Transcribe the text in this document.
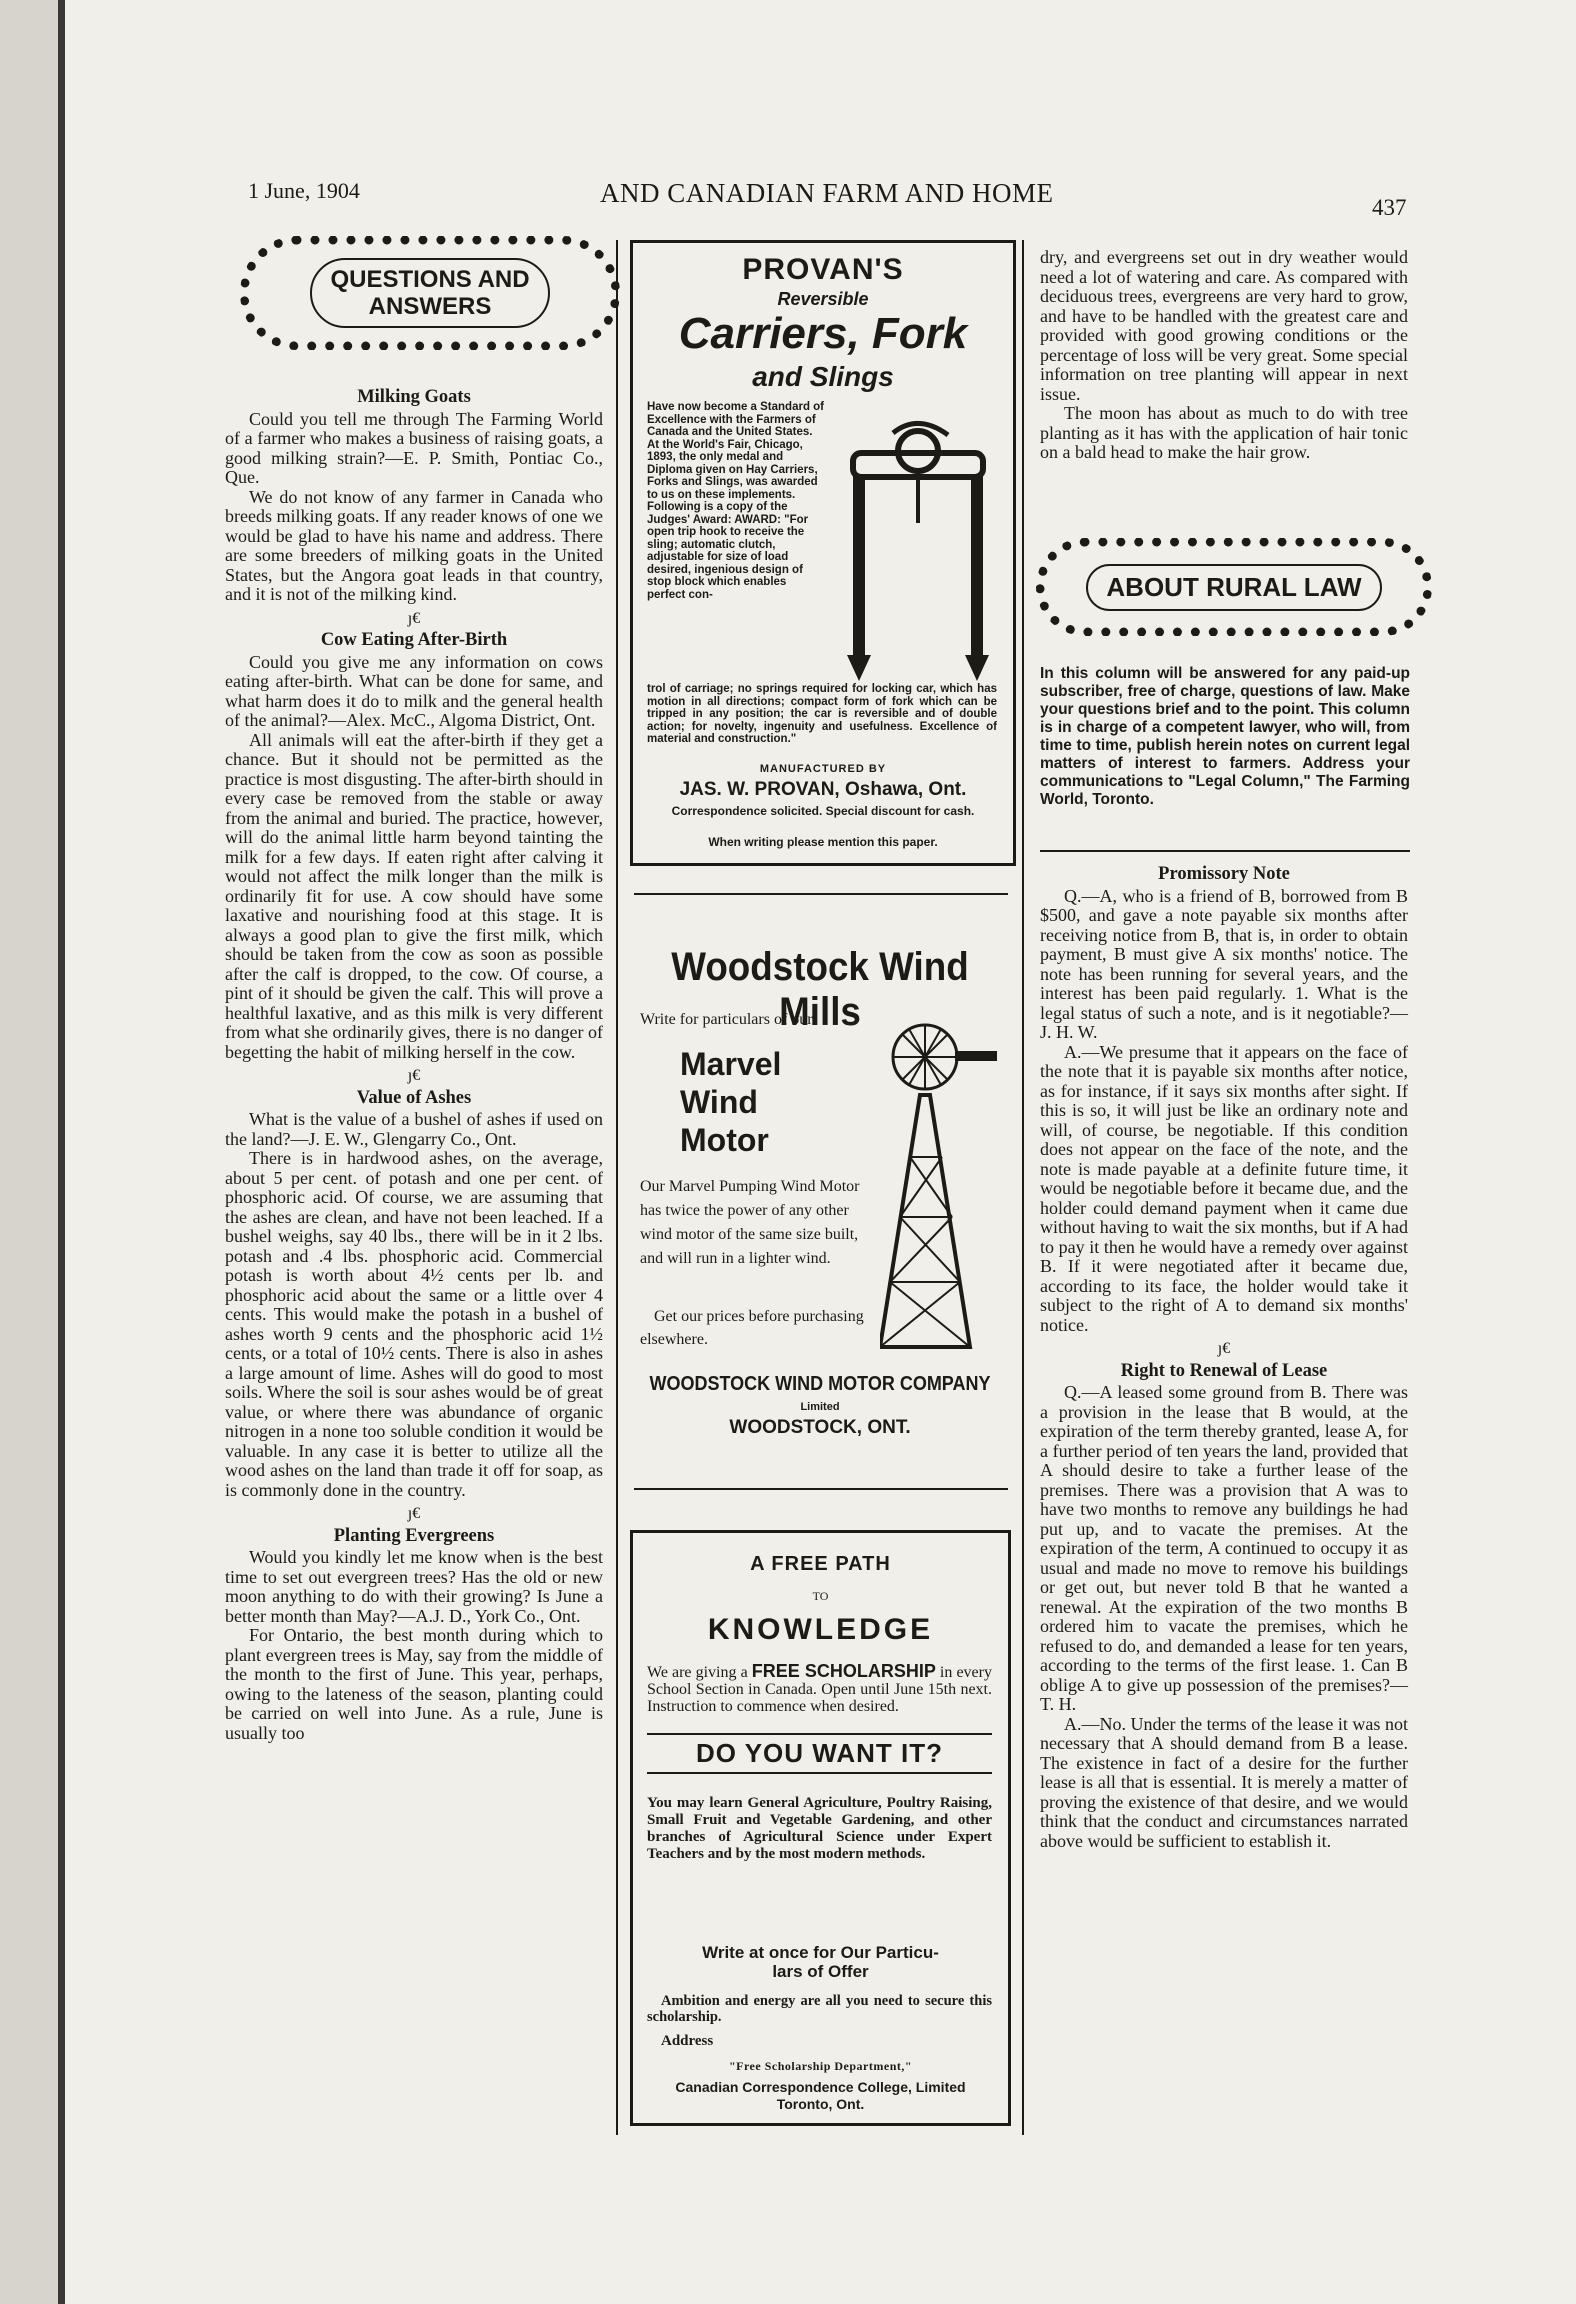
1 June, 1904	AND CANADIAN FARM AND HOME	437
QUESTIONS AND
ANSWERS
Milking Goats

Could you tell me through The Farming World of a farmer who makes a business of raising goats, a good milking strain?—E. P. Smith, Pontiac Co., Que.

We do not know of any farmer in Canada who breeds milking goats. If any reader knows of one we would be glad to have his name and address. There are some breeders of milking goats in the United States, but the Angora goat leads in that country, and it is not of the milking kind.

ȷ€
Cow Eating After-Birth

Could you give me any information on cows eating after-birth. What can be done for same, and what harm does it do to milk and the general health of the animal?—Alex. McC., Algoma District, Ont.

All animals will eat the after-birth if they get a chance. But it should not be permitted as the practice is most disgusting. The after-birth should in every case be removed from the stable or away from the animal and buried. The practice, however, will do the animal little harm beyond tainting the milk for a few days. If eaten right after calving it would not affect the milk longer than the milk is ordinarily fit for use. A cow should have some laxative and nourishing food at this stage. It is always a good plan to give the first milk, which should be taken from the cow as soon as possible after the calf is dropped, to the cow. Of course, a pint of it should be given the calf. This will prove a healthful laxative, and as this milk is very different from what she ordinarily gives, there is no danger of begetting the habit of milking herself in the cow.

ȷ€
Value of Ashes

What is the value of a bushel of ashes if used on the land?—J. E. W., Glengarry Co., Ont.

There is in hardwood ashes, on the average, about 5 per cent. of potash and one per cent. of phosphoric acid. Of course, we are assuming that the ashes are clean, and have not been leached. If a bushel weighs, say 40 lbs., there will be in it 2 lbs. potash and .4 lbs. phosphoric acid. Commercial potash is worth about 4½ cents per lb. and phosphoric acid about the same or a little over 4 cents. This would make the potash in a bushel of ashes worth 9 cents and the phosphoric acid 1½ cents, or a total of 10½ cents. There is also in ashes a large amount of lime. Ashes will do good to most soils. Where the soil is sour ashes would be of great value, or where there was abundance of organic nitrogen in a none too soluble condition it would be valuable. In any case it is better to utilize all the wood ashes on the land than trade it off for soap, as is commonly done in the country.

ȷ€
Planting Evergreens

Would you kindly let me know when is the best time to set out evergreen trees? Has the old or new moon anything to do with their growing? Is June a better month than May?—A.J. D., York Co., Ont.

For Ontario, the best month during which to plant evergreen trees is May, say from the middle of the month to the first of June. This year, perhaps, owing to the lateness of the season, planting could be carried on well into June. As a rule, June is usually too

PROVAN'S
Reversible
Carriers, Fork
and Slings
Have now become a Standard of Excellence with the Farmers of Canada and the United States. At the World's Fair, Chicago, 1893, the only medal and Diploma given on Hay Carriers, Forks and Slings, was awarded to us on these implements. Following is a copy of the Judges' Award: AWARD: "For open trip hook to receive the sling; automatic clutch, adjustable for size of load desired, ingenious design of stop block which enables perfect con-
trol of carriage; no springs required for locking car, which has motion in all directions; compact form of fork which can be tripped in any position; the car is reversible and of double action; for novelty, ingenuity and usefulness. Excellence of material and construction."
MANUFACTURED BY
JAS. W. PROVAN, Oshawa, Ont.
Correspondence solicited. Special discount for cash.
When writing please mention this paper.
Woodstock Wind Mills
Write for particulars of our
Marvel
Wind
Motor
Our Marvel Pumping Wind Motor has twice the power of any other wind motor of the same size built, and will run in a lighter wind.
Get our prices before purchasing elsewhere.
WOODSTOCK WIND MOTOR COMPANY
Limited
WOODSTOCK, ONT.
A FREE PATH
TO
KNOWLEDGE
We are giving a FREE SCHOLARSHIP in every School Section in Canada. Open until June 15th next. Instruction to commence when desired.
DO YOU WANT IT?
You may learn General Agriculture, Poultry Raising, Small Fruit and Vegetable Gardening, and other branches of Agricultural Science under Expert Teachers and by the most modern methods.
Write at once for Our Particu-
lars of Offer
Ambition and energy are all you need to secure this scholarship.
Address
"Free Scholarship Department,"
Canadian Correspondence College, Limited
Toronto, Ont.

dry, and evergreens set out in dry weather would need a lot of watering and care. As compared with deciduous trees, evergreens are very hard to grow, and have to be handled with the greatest care and provided with good growing conditions or the percentage of loss will be very great. Some special information on tree planting will appear in next issue.

The moon has about as much to do with tree planting as it has with the application of hair tonic on a bald head to make the hair grow.

ABOUT RURAL LAW
In this column will be answered for any paid-up subscriber, free of charge, questions of law. Make your questions brief and to the point. This column is in charge of a competent lawyer, who will, from time to time, publish herein notes on current legal matters of interest to farmers. Address your communications to "Legal Column," The Farming World, Toronto.
Promissory Note

Q.—A, who is a friend of B, borrowed from B $500, and gave a note payable six months after receiving notice from B, that is, in order to obtain payment, B must give A six months' notice. The note has been running for several years, and the interest has been paid regularly. 1. What is the legal status of such a note, and is it negotiable?—J. H. W.

A.—We presume that it appears on the face of the note that it is payable six months after notice, as for instance, if it says six months after sight. If this is so, it will just be like an ordinary note and will, of course, be negotiable. If this condition does not appear on the face of the note, and the note is made payable at a definite future time, it would be negotiable before it became due, and the holder could demand payment when it came due without having to wait the six months, but if A had to pay it then he would have a remedy over against B. If it were negotiated after it became due, according to its face, the holder would take it subject to the right of A to demand six months' notice.

ȷ€
Right to Renewal of Lease

Q.—A leased some ground from B. There was a provision in the lease that B would, at the expiration of the term thereby granted, lease A, for a further period of ten years the land, provided that A should desire to take a further lease of the premises. There was a provision that A was to have two months to remove any buildings he had put up, and to vacate the premises. At the expiration of the term, A continued to occupy it as usual and made no move to remove his buildings or get out, but never told B that he wanted a renewal. At the expiration of the two months B ordered him to vacate the premises, which he refused to do, and demanded a lease for ten years, according to the terms of the first lease. 1. Can B oblige A to give up possession of the premises?—T. H.

A.—No. Under the terms of the lease it was not necessary that A should demand from B a lease. The existence in fact of a desire for the further lease is all that is essential. It is merely a matter of proving the existence of that desire, and we would think that the conduct and circumstances narrated above would be sufficient to establish it.
